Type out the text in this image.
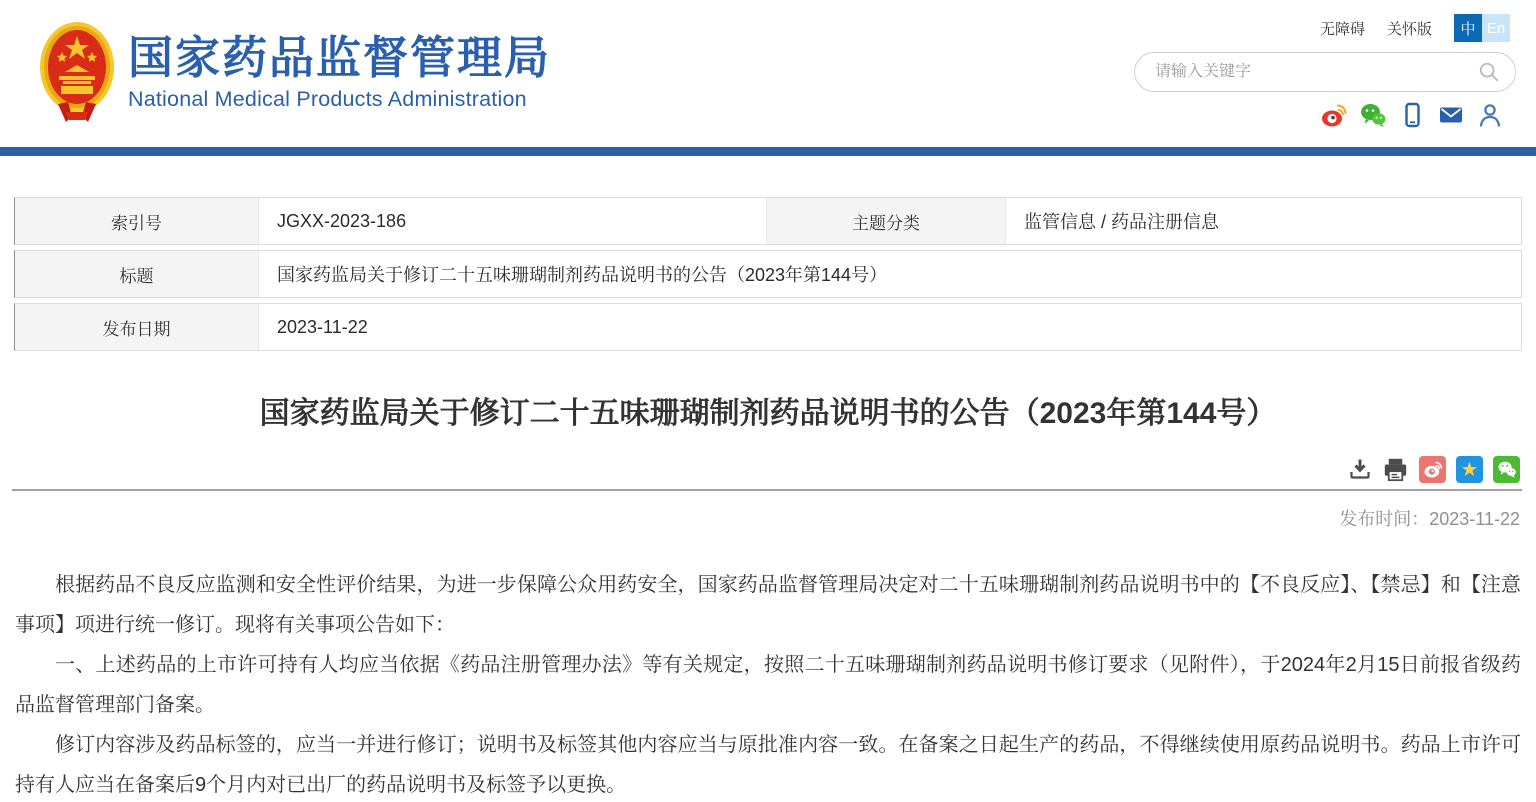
国家药品监督管理局
National Medical Products Administration
无障碍 关怀版	中 En
请输入关键字
索引号	JGXX-2023-186	主题分类	监管信息 / 药品注册信息
标题	国家药监局关于修订二十五味珊瑚制剂药品说明书的公告（2023年第144号）
发布日期	2023-11-22
国家药监局关于修订二十五味珊瑚制剂药品说明书的公告（2023年第144号）
★
发布时间：2023-11-22

根据药品不良反应监测和安全性评价结果，为进一步保障公众用药安全，国家药品监督管理局决定对二十五味珊瑚制剂药品说明书中的【不良反应】、【禁忌】和【注意事项】项进行统一修订。现将有关事项公告如下：

一、上述药品的上市许可持有人均应当依据《药品注册管理办法》等有关规定，按照二十五味珊瑚制剂药品说明书修订要求（见附件），于2024年2月15日前报省级药品监督管理部门备案。

修订内容涉及药品标签的，应当一并进行修订；说明书及标签其他内容应当与原批准内容一致。在备案之日起生产的药品，不得继续使用原药品说明书。药品上市许可持有人应当在备案后9个月内对已出厂的药品说明书及标签予以更换。
